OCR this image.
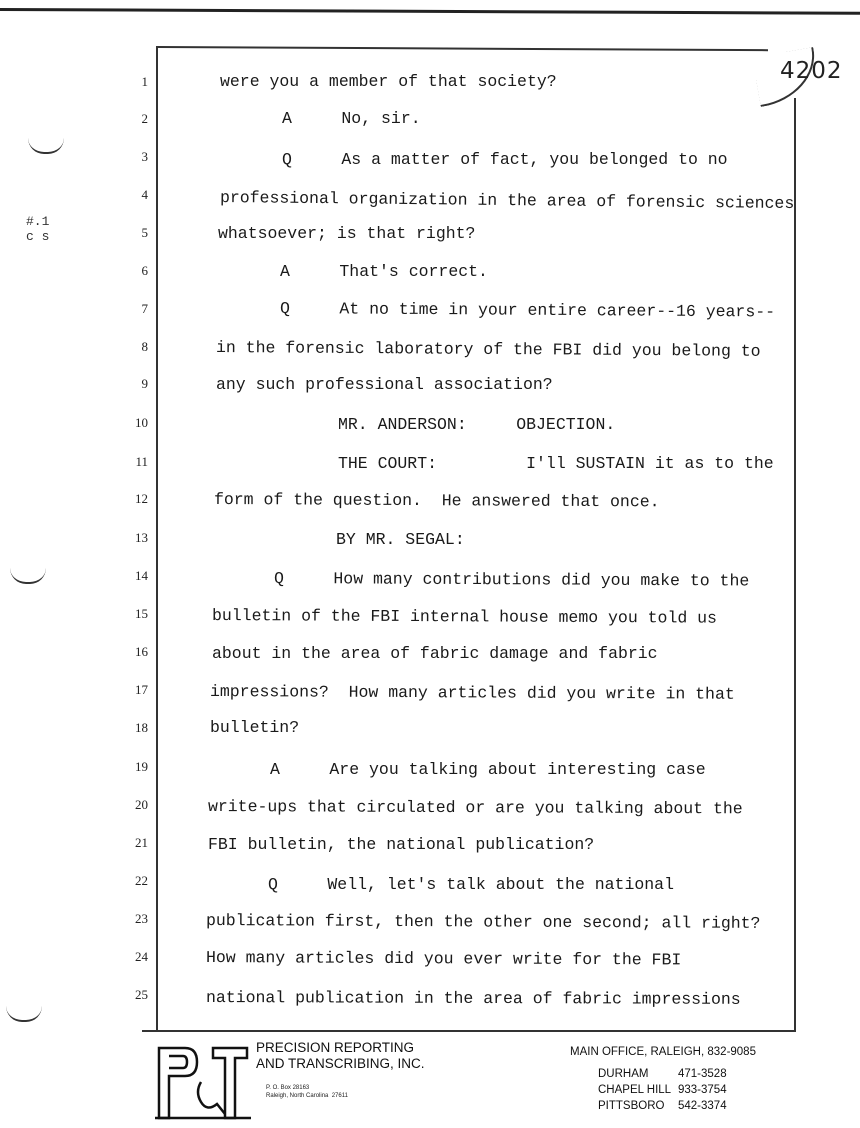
4202
#.1
c s
1	were you a member of that society?
2	A     No, sir.
3	Q     As a matter of fact, you belonged to no
4	professional organization in the area of forensic sciences
5	whatsoever; is that right?
6	A     That's correct.
7	Q     At no time in your entire career--16 years--
8	in the forensic laboratory of the FBI did you belong to
9	any such professional association?
10	MR. ANDERSON:     OBJECTION.
11	THE COURT:         I'll SUSTAIN it as to the
12	form of the question.  He answered that once.
13	BY MR. SEGAL:
14	Q     How many contributions did you make to the
15	bulletin of the FBI internal house memo you told us
16	about in the area of fabric damage and fabric
17	impressions?  How many articles did you write in that
18	bulletin?
19	A     Are you talking about interesting case
20	write-ups that circulated or are you talking about the
21	FBI bulletin, the national publication?
22	Q     Well, let's talk about the national
23	publication first, then the other one second; all right?
24	How many articles did you ever write for the FBI
25	national publication in the area of fabric impressions
PRECISION REPORTING
AND TRANSCRIBING, INC.
P. O. Box 28163
Raleigh, North Carolina  27611
MAIN OFFICE, RALEIGH, 832-9085
DURHAM	471-3528
CHAPEL HILL 933-3754
PITTSBORO 542-3374
